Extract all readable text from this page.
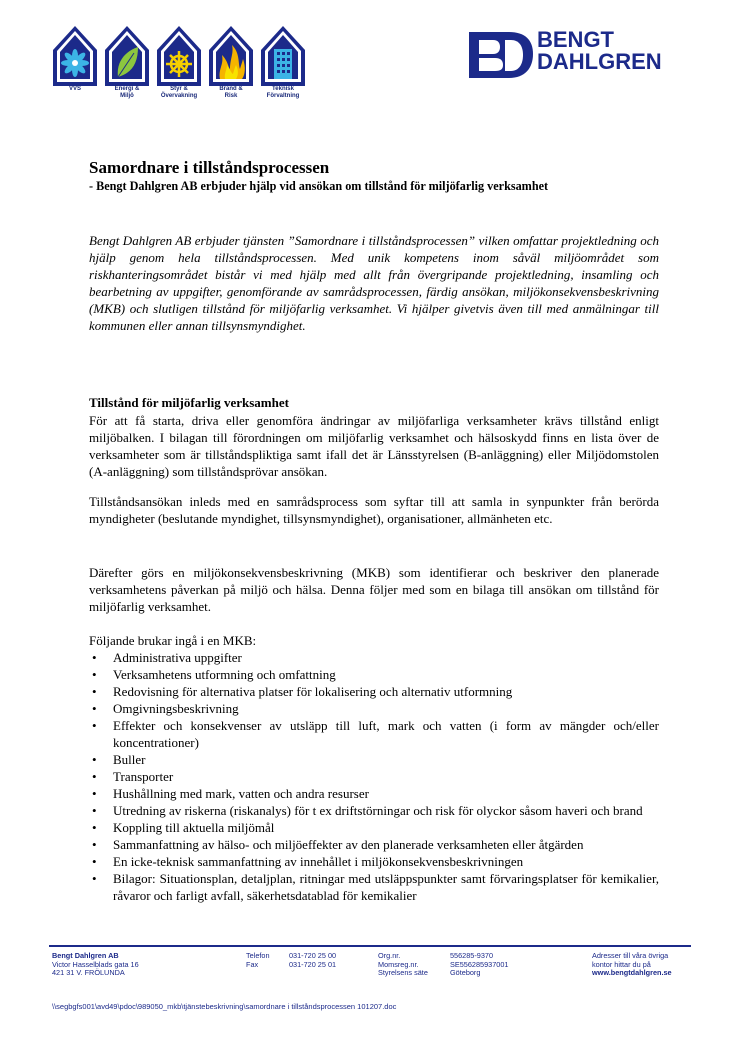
VVS	Energi &
Miljö
Styr &
Övervakning
Brand &
Risk
Teknisk
Förvaltning
BENGT
DAHLGREN
Samordnare i tillståndsprocessen
- Bengt Dahlgren AB erbjuder hjälp vid ansökan om tillstånd för miljöfarlig verksamhet
Bengt Dahlgren AB erbjuder tjänsten ”Samordnare i tillståndsprocessen” vilken omfattar projektledning och hjälp genom hela tillståndsprocessen. Med unik kompetens inom såväl miljöområdet som riskhanteringsområdet bistår vi med hjälp med allt från övergripande projektledning, insamling och bearbetning av uppgifter, genomförande av samrådsprocessen, färdig ansökan, miljökonsekvensbeskrivning (MKB) och slutligen tillstånd för miljöfarlig verksamhet. Vi hjälper givetvis även till med anmälningar till kommunen eller annan tillsynsmyndighet.
Tillstånd för miljöfarlig verksamhet
För att få starta, driva eller genomföra ändringar av miljöfarliga verksamheter krävs tillstånd enligt miljöbalken. I bilagan till förordningen om miljöfarlig verksamhet och hälsoskydd finns en lista över de verksamheter som är tillståndspliktiga samt ifall det är Länsstyrelsen (B-anläggning) eller Miljödomstolen (A-anläggning) som tillståndsprövar ansökan.
Tillståndsansökan inleds med en samrådsprocess som syftar till att samla in synpunkter från berörda myndigheter (beslutande myndighet, tillsynsmyndighet), organisationer, allmänheten etc.
Därefter görs en miljökonsekvensbeskrivning (MKB) som identifierar och beskriver den planerade verksamhetens påverkan på miljö och hälsa. Denna följer med som en bilaga till ansökan om tillstånd för miljöfarlig verksamhet.
Följande brukar ingå i en MKB:
• Administrativa uppgifter
• Verksamhetens utformning och omfattning
• Redovisning för alternativa platser för lokalisering och alternativ utformning
• Omgivningsbeskrivning
• Effekter och konsekvenser av utsläpp till luft, mark och vatten (i form av mängder och/eller koncentrationer)
• Buller
• Transporter
• Hushållning med mark, vatten och andra resurser
• Utredning av riskerna (riskanalys) för t ex driftstörningar och risk för olyckor såsom haveri och brand
• Koppling till aktuella miljömål
• Sammanfattning av hälso- och miljöeffekter av den planerade verksamheten eller åtgärden
• En icke-teknisk sammanfattning av innehållet i miljökonsekvensbeskrivningen
• Bilagor: Situationsplan, detaljplan, ritningar med utsläppspunkter samt förvaringsplatser för kemikalier, råvaror och farligt avfall, säkerhetsdatablad för kemikalier
Bengt Dahlgren AB
Victor Hasselblads gata 16
421 31 V. FRÖLUNDA
Telefon
Fax
031-720 25 00
031-720 25 01
Org.nr.
Momsreg.nr.
Styrelsens säte
556285-9370
SE556285937001
Göteborg
Adresser till våra övriga
kontor hittar du på
www.bengtdahlgren.se
\\segbgfs001\avd49\pdoc\989050_mkb\tjänstebeskrivning\samordnare i tillståndsprocessen 101207.doc
